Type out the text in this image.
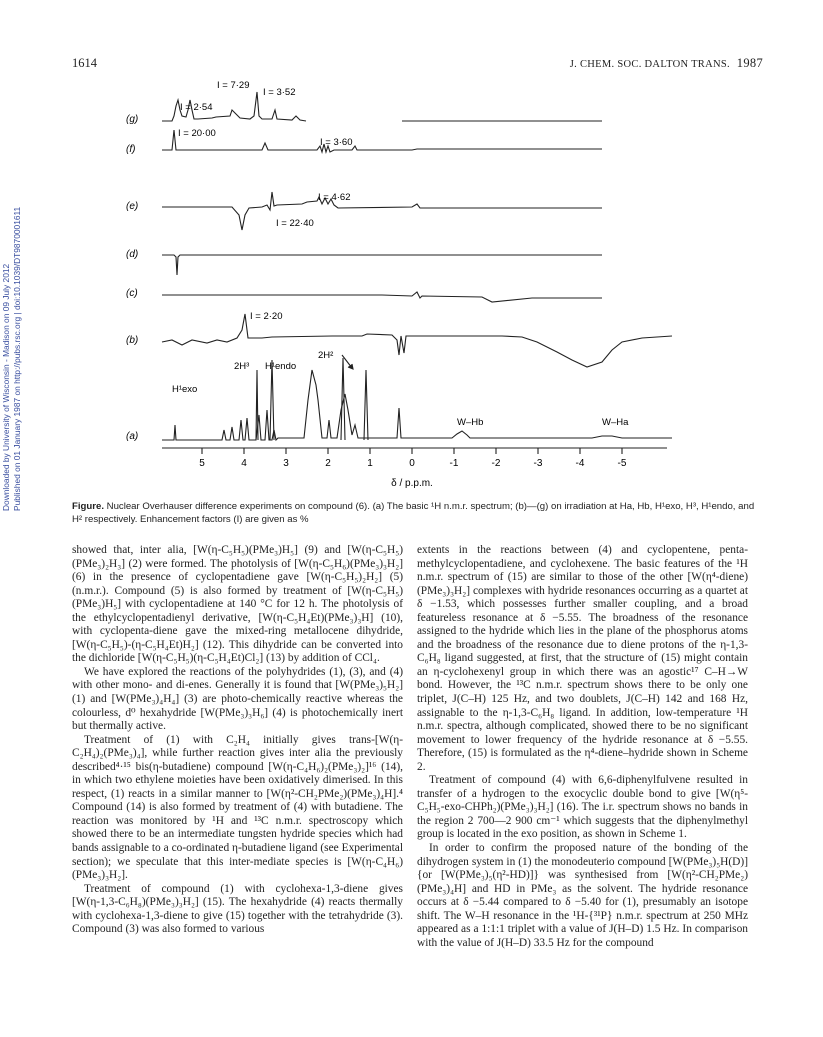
1614	J. CHEM. SOC. DALTON TRANS. 1987
Downloaded by University of Wisconsin - Madison on 09 July 2012 Published on 01 January 1987 on http://pubs.rsc.org | doi:10.1039/DT9870001611
(g)
(f)
(e)
(d)
(c)
(b)
(a)
I = 7·29
I = 3·52
I = 2·54
I = 20·00
I = 3·60
I = 4·62
I = 22·40
I = 2·20
H¹exo
2H³ H¹endo
2H²
W–Hb	W–Ha
5	4	3	2	1	0	-1	-2	-3	-4	-5
δ / p.p.m.
Figure. Nuclear Overhauser difference experiments on compound (6). (a) The basic ¹H n.m.r. spectrum; (b)—(g) on irradiation at Ha, Hb, H¹exo, H³, H¹endo, and H² respectively. Enhancement factors (I) are given as %

showed that, inter alia, [W(η-C₅H₅)(PMe₃)H₅] (9) and [W(η-C₅H₅)(PMe₃)₂H₃] (2) were formed. The photolysis of [W(η-C₅H₆)(PMe₃)₃H₂] (6) in the presence of cyclopentadiene gave [W(η-C₅H₅)₂H₂] (5) (n.m.r.). Compound (5) is also formed by treatment of [W(η-C₅H₅)(PMe₃)H₅] with cyclopentadiene at 140 °C for 12 h. The photolysis of the ethylcyclopentadienyl derivative, [W(η-C₅H₄Et)(PMe₃)₃H] (10), with cyclopenta-diene gave the mixed-ring metallocene dihydride, [W(η-C₅H₅)-(η-C₅H₄Et)H₂] (12). This dihydride can be converted into the dichloride [W(η-C₅H₅)(η-C₅H₄Et)Cl₂] (13) by addition of CCl₄.

We have explored the reactions of the polyhydrides (1), (3), and (4) with other mono- and di-enes. Generally it is found that [W(PMe₃)₅H₂] (1) and [W(PMe₃)₄H₄] (3) are photo-chemically reactive whereas the colourless, d⁰ hexahydride [W(PMe₃)₃H₆] (4) is photochemically inert but thermally active.

Treatment of (1) with C₂H₄ initially gives trans-[W(η-C₂H₄)₂(PMe₃)₄], while further reaction gives inter alia the previously described⁴·¹⁵ bis(η-butadiene) compound [W(η-C₄H₆)₂(PMe₃)₂]¹⁶ (14), in which two ethylene moieties have been oxidatively dimerised. In this respect, (1) reacts in a similar manner to [W(η²-CH₂PMe₂)(PMe₃)₄H].⁴ Compound (14) is also formed by treatment of (4) with butadiene. The reaction was monitored by ¹H and ¹³C n.m.r. spectroscopy which showed there to be an intermediate tungsten hydride species which had bands assignable to a co-ordinated η-butadiene ligand (see Experimental section); we speculate that this inter-mediate species is [W(η-C₄H₆)(PMe₃)₃H₂].

Treatment of compound (1) with cyclohexa-1,3-diene gives [W(η-1,3-C₆H₈)(PMe₃)₃H₂] (15). The hexahydride (4) reacts thermally with cyclohexa-1,3-diene to give (15) together with the tetrahydride (3). Compound (3) was also formed to various

extents in the reactions between (4) and cyclopentene, penta-methylcyclopentadiene, and cyclohexene. The basic features of the ¹H n.m.r. spectrum of (15) are similar to those of the other [W(η⁴-diene)(PMe₃)₃H₂] complexes with hydride resonances occurring as a quartet at δ −1.53, which possesses further smaller coupling, and a broad featureless resonance at δ −5.55. The broadness of the resonance assigned to the hydride which lies in the plane of the phosphorus atoms and the broadness of the resonance due to diene protons of the η-1,3-C₆H₈ ligand suggested, at first, that the structure of (15) might contain an η-cyclohexenyl group in which there was an agostic¹⁷ C–H→W bond. However, the ¹³C n.m.r. spectrum shows there to be only one triplet, J(C–H) 125 Hz, and two doublets, J(C–H) 142 and 168 Hz, assignable to the η-1,3-C₆H₈ ligand. In addition, low-temperature ¹H n.m.r. spectra, although complicated, showed there to be no significant movement to lower frequency of the hydride resonance at δ −5.55. Therefore, (15) is formulated as the η⁴-diene–hydride shown in Scheme 2.

Treatment of compound (4) with 6,6-diphenylfulvene resulted in transfer of a hydrogen to the exocyclic double bond to give [W(η⁵-C₅H₅-exo-CHPh₂)(PMe₃)₃H₂] (16). The i.r. spectrum shows no bands in the region 2 700—2 900 cm⁻¹ which suggests that the diphenylmethyl group is located in the exo position, as shown in Scheme 1.

In order to confirm the proposed nature of the bonding of the dihydrogen system in (1) the monodeuterio compound [W(PMe₃)₅H(D)] {or [W(PMe₃)₅(η²-HD)]} was synthesised from [W(η²-CH₂PMe₂)(PMe₃)₄H] and HD in PMe₃ as the solvent. The hydride resonance occurs at δ −5.44 compared to δ −5.40 for (1), presumably an isotope shift. The W–H resonance in the ¹H-{³¹P} n.m.r. spectrum at 250 MHz appeared as a 1:1:1 triplet with a value of J(H–D) 1.5 Hz. In comparison with the value of J(H–D) 33.5 Hz for the compound
